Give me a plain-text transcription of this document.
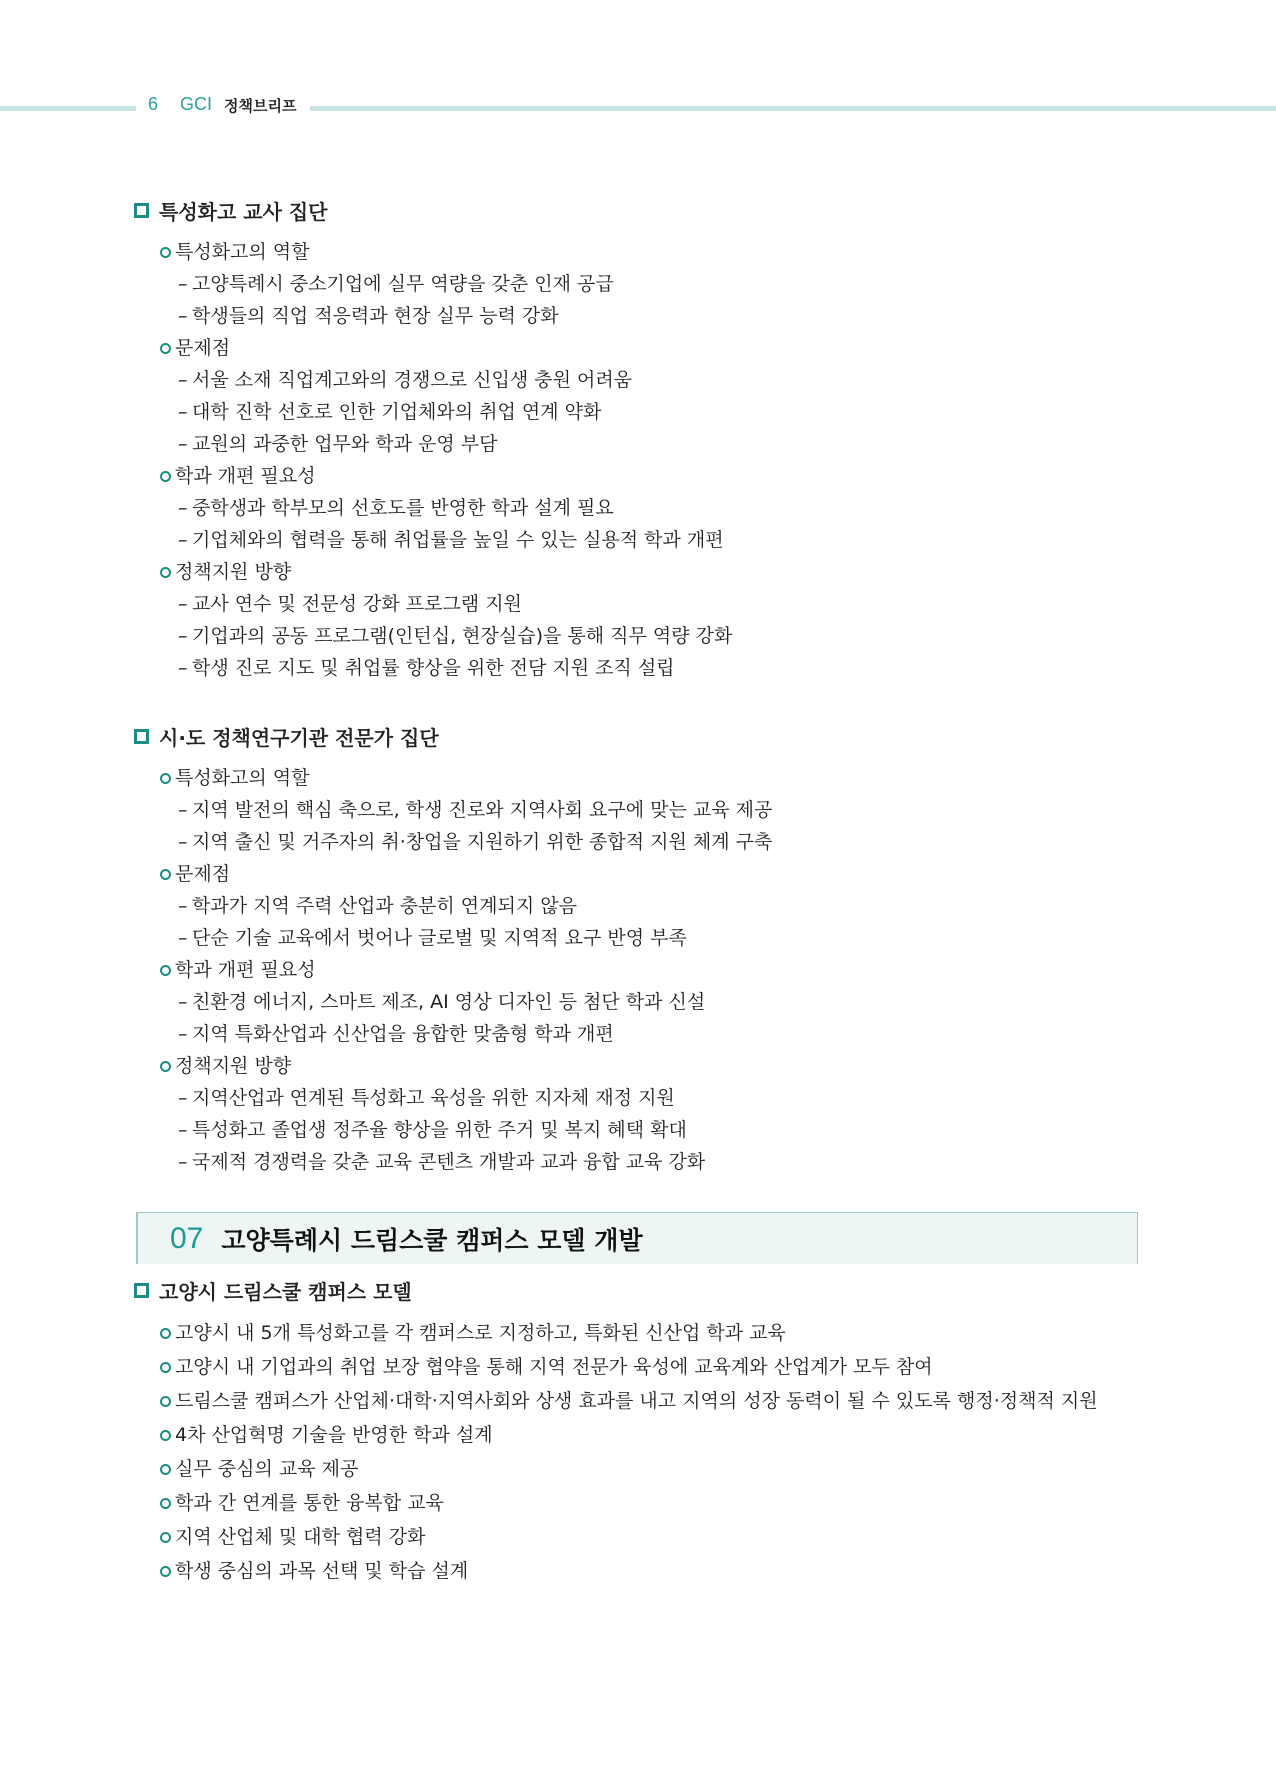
6 GCI 정책브리프
특성화고 교사 집단
특성화고의 역할
– 고양특례시 중소기업에 실무 역량을 갖춘 인재 공급
– 학생들의 직업 적응력과 현장 실무 능력 강화
문제점
– 서울 소재 직업계고와의 경쟁으로 신입생 충원 어려움
– 대학 진학 선호로 인한 기업체와의 취업 연계 약화
– 교원의 과중한 업무와 학과 운영 부담
학과 개편 필요성
– 중학생과 학부모의 선호도를 반영한 학과 설계 필요
– 기업체와의 협력을 통해 취업률을 높일 수 있는 실용적 학과 개편
정책지원 방향
– 교사 연수 및 전문성 강화 프로그램 지원
– 기업과의 공동 프로그램(인턴십, 현장실습)을 통해 직무 역량 강화
– 학생 진로 지도 및 취업률 향상을 위한 전담 지원 조직 설립
시·도 정책연구기관 전문가 집단
특성화고의 역할
– 지역 발전의 핵심 축으로, 학생 진로와 지역사회 요구에 맞는 교육 제공
– 지역 출신 및 거주자의 취·창업을 지원하기 위한 종합적 지원 체계 구축
문제점
– 학과가 지역 주력 산업과 충분히 연계되지 않음
– 단순 기술 교육에서 벗어나 글로벌 및 지역적 요구 반영 부족
학과 개편 필요성
– 친환경 에너지, 스마트 제조, AI 영상 디자인 등 첨단 학과 신설
– 지역 특화산업과 신산업을 융합한 맞춤형 학과 개편
정책지원 방향
– 지역산업과 연계된 특성화고 육성을 위한 지자체 재정 지원
– 특성화고 졸업생 정주율 향상을 위한 주거 및 복지 혜택 확대
– 국제적 경쟁력을 갖춘 교육 콘텐츠 개발과 교과 융합 교육 강화
07 고양특례시 드림스쿨 캠퍼스 모델 개발
고양시 드림스쿨 캠퍼스 모델
고양시 내 5개 특성화고를 각 캠퍼스로 지정하고, 특화된 신산업 학과 교육
고양시 내 기업과의 취업 보장 협약을 통해 지역 전문가 육성에 교육계와 산업계가 모두 참여
드림스쿨 캠퍼스가 산업체·대학·지역사회와 상생 효과를 내고 지역의 성장 동력이 될 수 있도록 행정·정책적 지원
4차 산업혁명 기술을 반영한 학과 설계
실무 중심의 교육 제공
학과 간 연계를 통한 융복합 교육
지역 산업체 및 대학 협력 강화
학생 중심의 과목 선택 및 학습 설계
